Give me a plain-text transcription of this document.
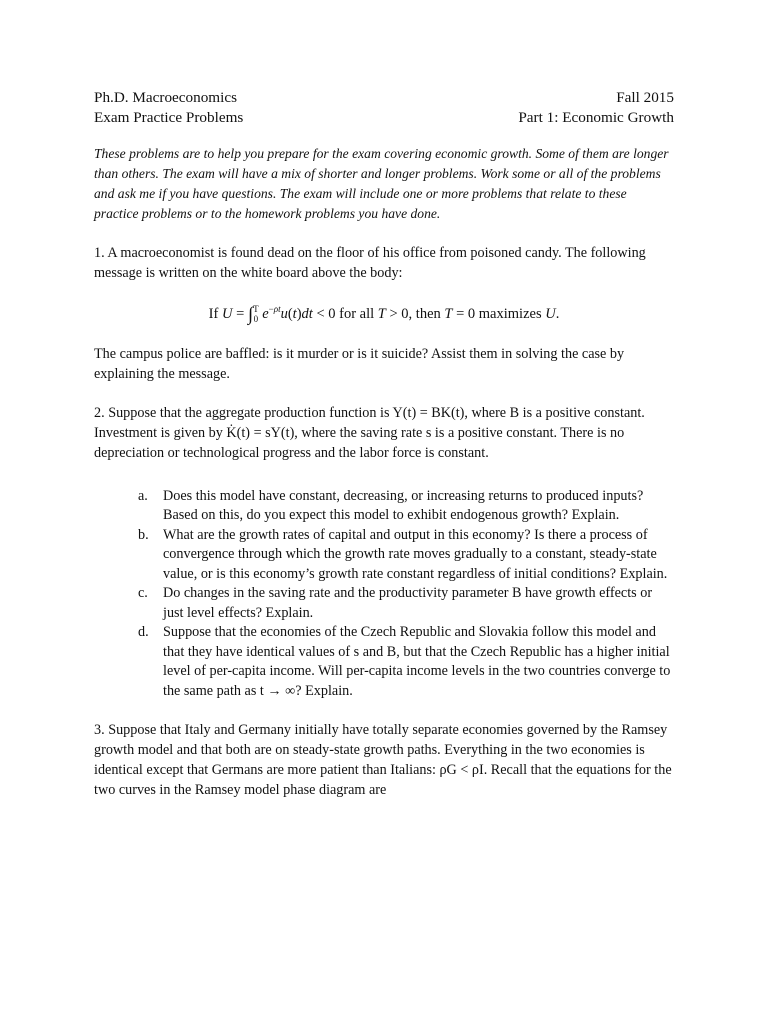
Ph.D. Macroeconomics	Fall 2015
Exam Practice Problems	Part 1: Economic Growth

These problems are to help you prepare for the exam covering economic growth. Some of them are longer than others. The exam will have a mix of shorter and longer problems. Work some or all of the problems and ask me if you have questions. The exam will include one or more problems that relate to these practice problems or to the homework problems you have done.

1. A macroeconomist is found dead on the floor of his office from poisoned candy. The following message is written on the white board above the body:

If U = ∫T
0 $e^{-\rho t}u(t)dt < 0$ for all T > 0, then T = 0 maximizes U.

The campus police are baffled: is it murder or is it suicide? Assist them in solving the case by explaining the message.

2. Suppose that the aggregate production function is Y(t) = BK(t), where B is a positive constant. Investment is given by K̇(t) = sY(t), where the saving rate s is a positive constant. There is no depreciation or technological progress and the labor force is constant.

a.	Does this model have constant, decreasing, or increasing returns to produced inputs? Based on this, do you expect this model to exhibit endogenous growth? Explain.
b.	What are the growth rates of capital and output in this economy? Is there a process of convergence through which the growth rate moves gradually to a constant, steady-state value, or is this economy’s growth rate constant regardless of initial conditions? Explain.
c.	Do changes in the saving rate and the productivity parameter B have growth effects or just level effects? Explain.
d.	Suppose that the economies of the Czech Republic and Slovakia follow this model and that they have identical values of s and B, but that the Czech Republic has a higher initial level of per-capita income. Will per-capita income levels in the two countries converge to the same path as t → ∞? Explain.

3. Suppose that Italy and Germany initially have totally separate economies governed by the Ramsey growth model and that both are on steady-state growth paths. Everything in the two economies is identical except that Germans are more patient than Italians: ρG < ρI. Recall that the equations for the two curves in the Ramsey model phase diagram are
